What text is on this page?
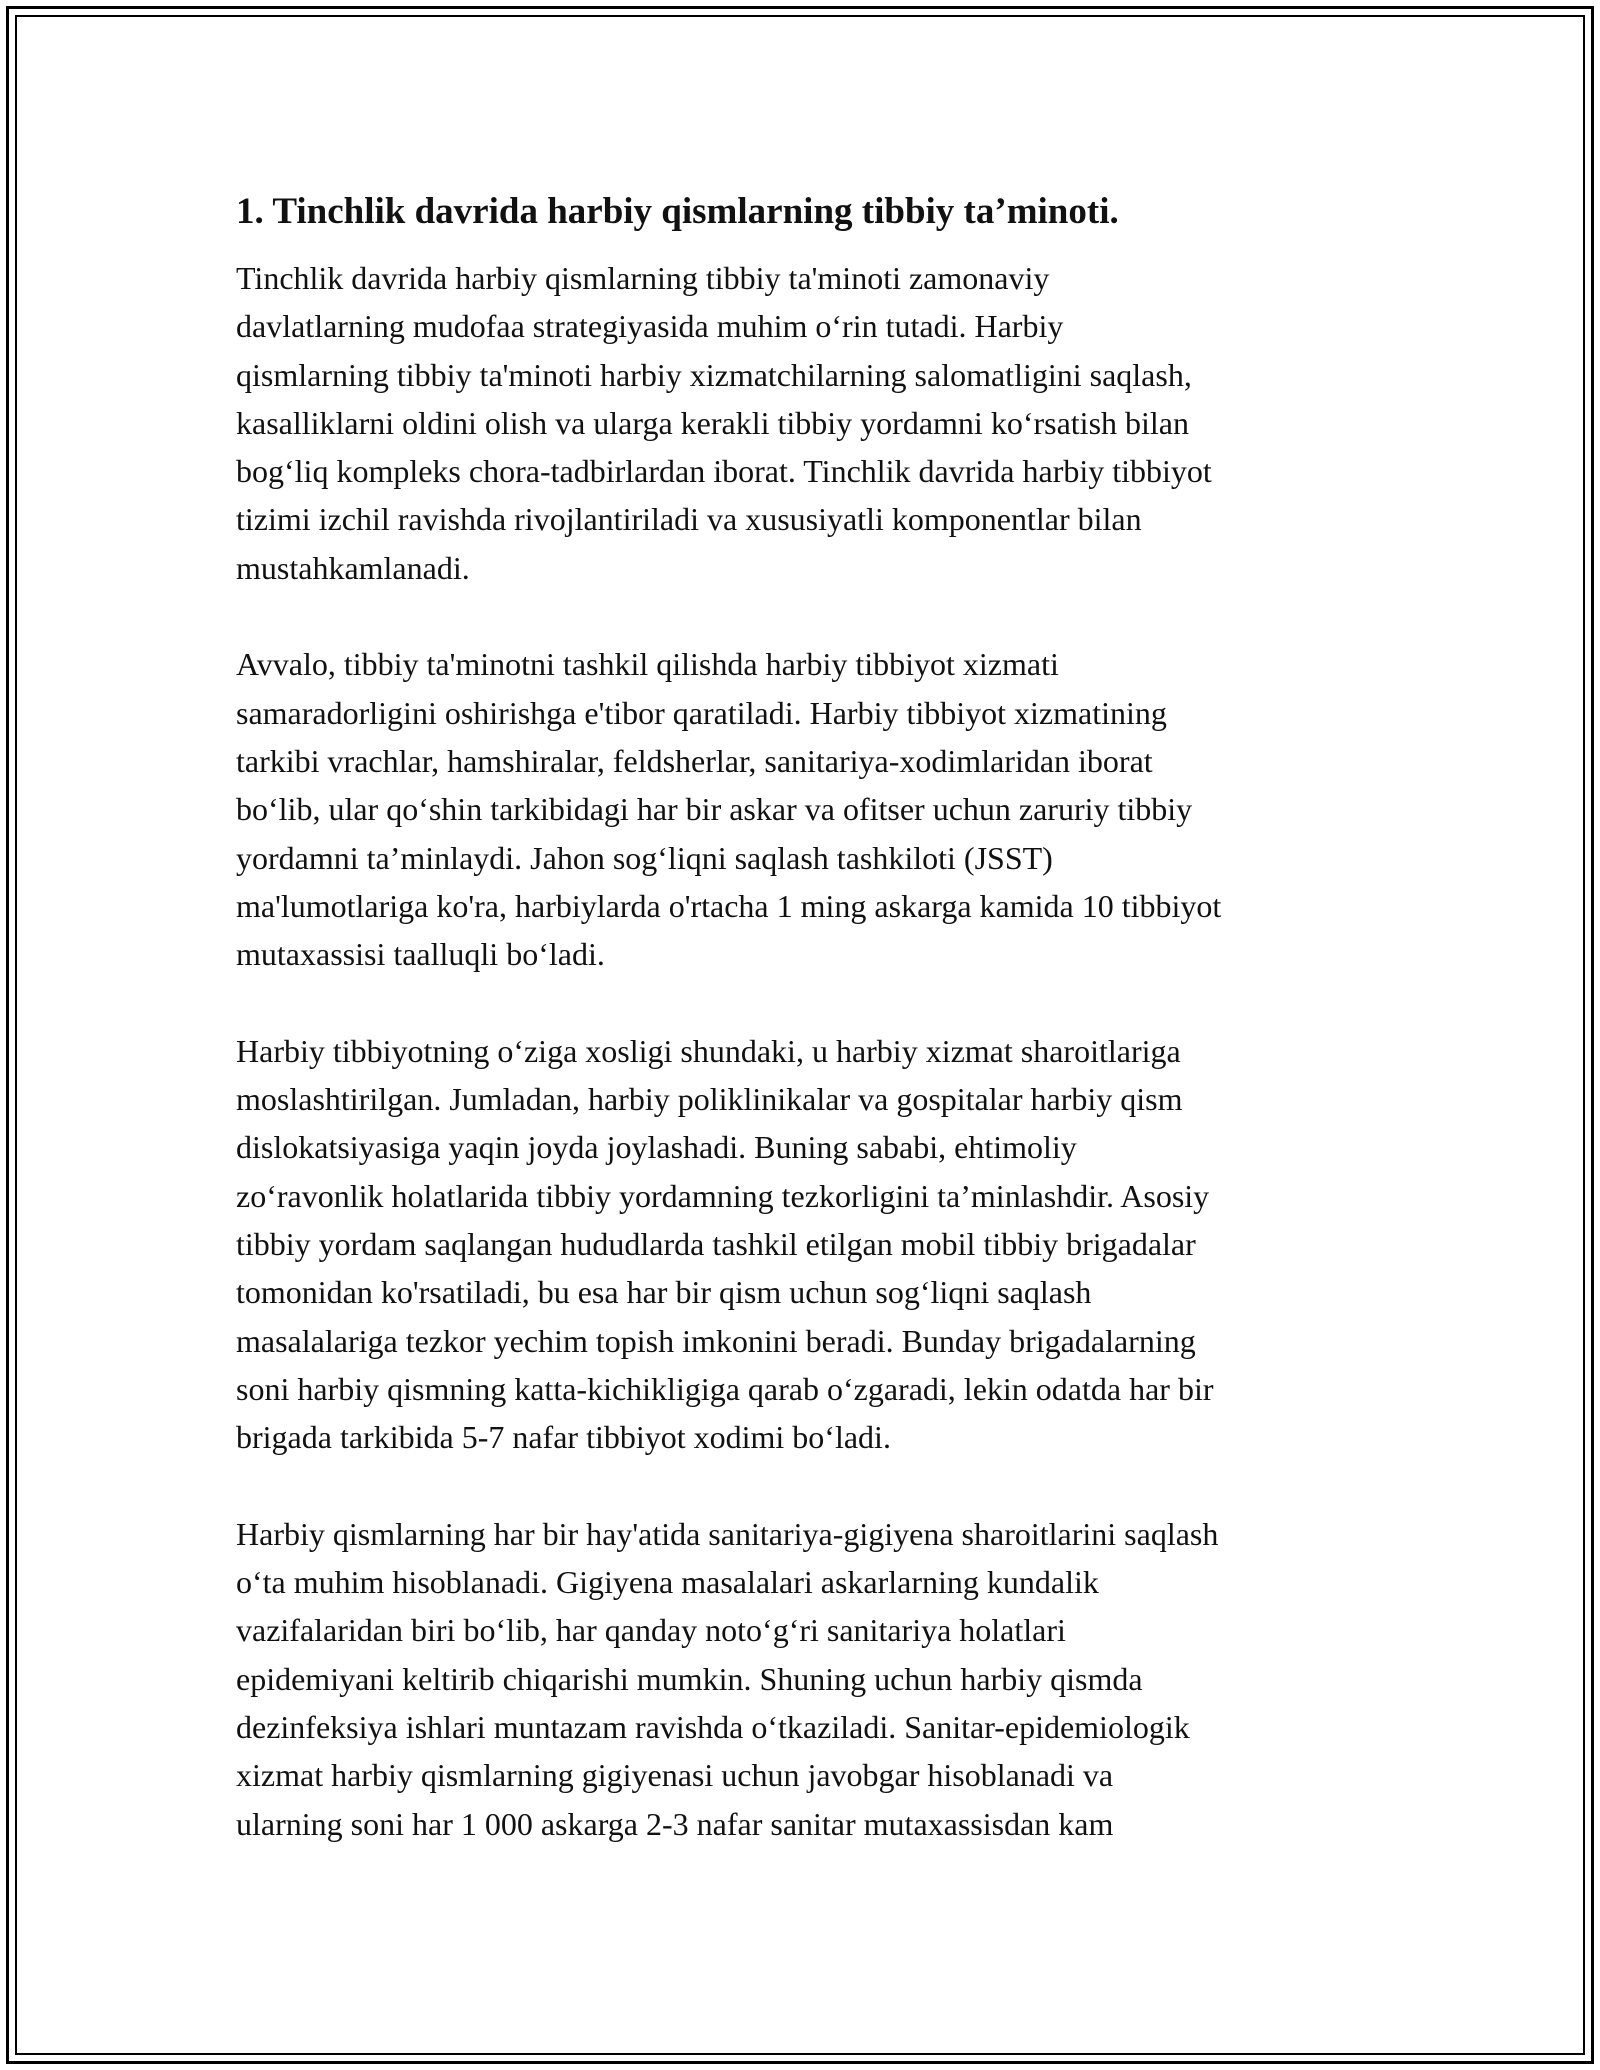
1. Tinchlik davrida harbiy qismlarning tibbiy ta’minoti.

Tinchlik davrida harbiy qismlarning tibbiy ta'minoti zamonaviy
davlatlarning mudofaa strategiyasida muhim o‘rin tutadi. Harbiy
qismlarning tibbiy ta'minoti harbiy xizmatchilarning salomatligini saqlash,
kasalliklarni oldini olish va ularga kerakli tibbiy yordamni ko‘rsatish bilan
bog‘liq kompleks chora-tadbirlardan iborat. Tinchlik davrida harbiy tibbiyot
tizimi izchil ravishda rivojlantiriladi va xususiyatli komponentlar bilan
mustahkamlanadi.

Avvalo, tibbiy ta'minotni tashkil qilishda harbiy tibbiyot xizmati
samaradorligini oshirishga e'tibor qaratiladi. Harbiy tibbiyot xizmatining
tarkibi vrachlar, hamshiralar, feldsherlar, sanitariya-xodimlaridan iborat
bo‘lib, ular qo‘shin tarkibidagi har bir askar va ofitser uchun zaruriy tibbiy
yordamni ta’minlaydi. Jahon sog‘liqni saqlash tashkiloti (JSST)
ma'lumotlariga ko'ra, harbiylarda o'rtacha 1 ming askarga kamida 10 tibbiyot
mutaxassisi taalluqli bo‘ladi.

Harbiy tibbiyotning o‘ziga xosligi shundaki, u harbiy xizmat sharoitlariga
moslashtirilgan. Jumladan, harbiy poliklinikalar va gospitalar harbiy qism
dislokatsiyasiga yaqin joyda joylashadi. Buning sababi, ehtimoliy
zo‘ravonlik holatlarida tibbiy yordamning tezkorligini ta’minlashdir. Asosiy
tibbiy yordam saqlangan hududlarda tashkil etilgan mobil tibbiy brigadalar
tomonidan ko'rsatiladi, bu esa har bir qism uchun sog‘liqni saqlash
masalalariga tezkor yechim topish imkonini beradi. Bunday brigadalarning
soni harbiy qismning katta-kichikligiga qarab o‘zgaradi, lekin odatda har bir
brigada tarkibida 5-7 nafar tibbiyot xodimi bo‘ladi.

Harbiy qismlarning har bir hay'atida sanitariya-gigiyena sharoitlarini saqlash
o‘ta muhim hisoblanadi. Gigiyena masalalari askarlarning kundalik
vazifalaridan biri bo‘lib, har qanday noto‘g‘ri sanitariya holatlari
epidemiyani keltirib chiqarishi mumkin. Shuning uchun harbiy qismda
dezinfeksiya ishlari muntazam ravishda o‘tkaziladi. Sanitar-epidemiologik
xizmat harbiy qismlarning gigiyenasi uchun javobgar hisoblanadi va
ularning soni har 1 000 askarga 2-3 nafar sanitar mutaxassisdan kam
